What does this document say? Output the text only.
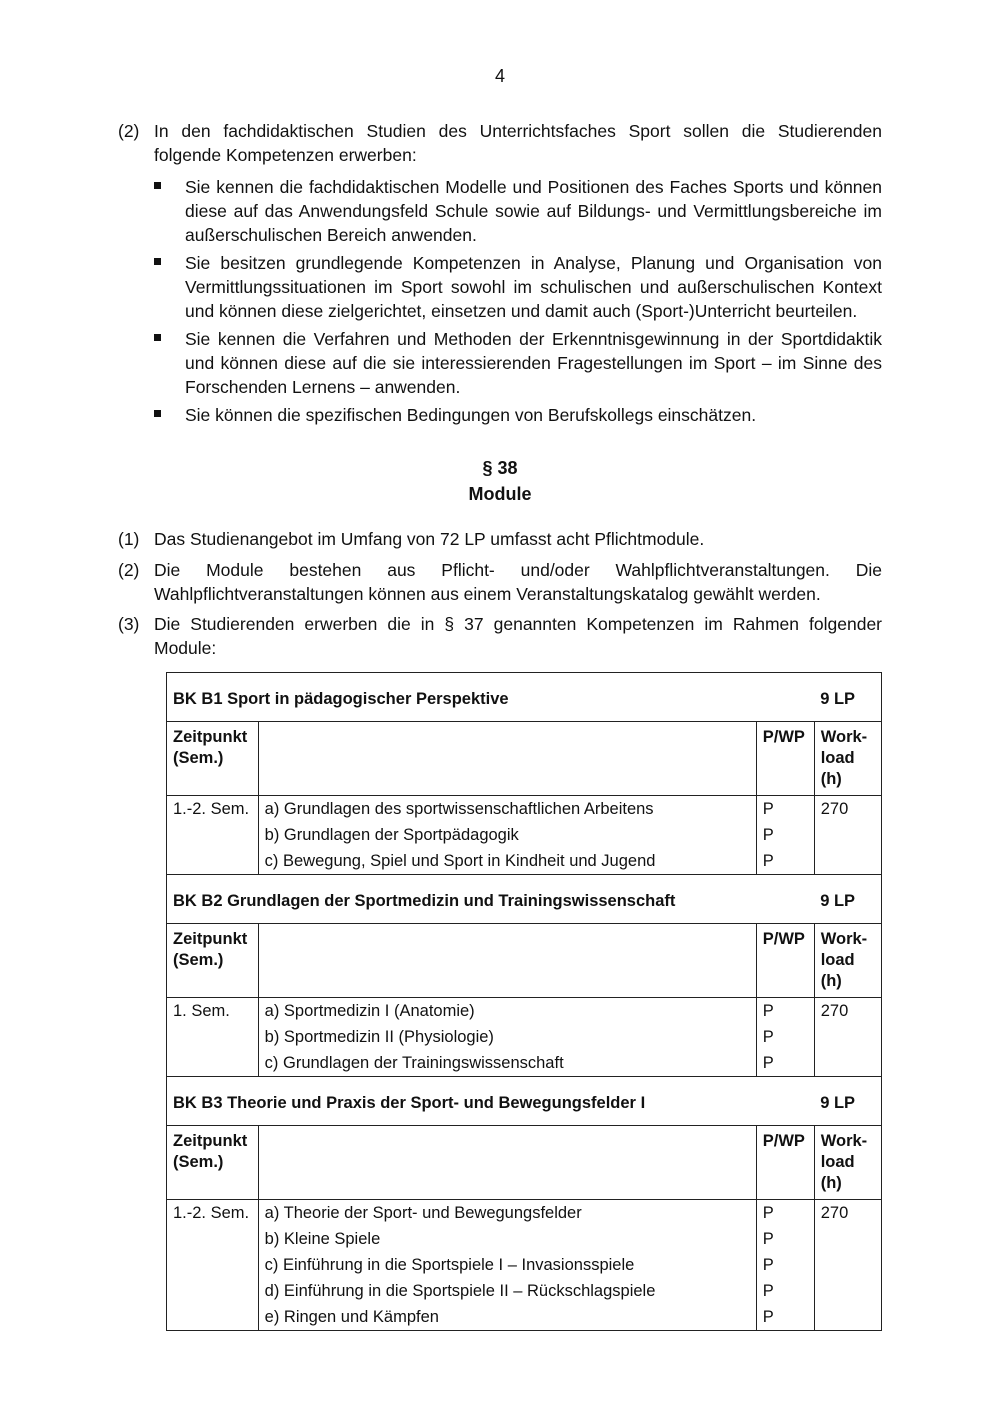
4
(2) In den fachdidaktischen Studien des Unterrichtsfaches Sport sollen die Studierenden folgende Kompetenzen erwerben:
Sie kennen die fachdidaktischen Modelle und Positionen des Faches Sports und können diese auf das Anwendungsfeld Schule sowie auf Bildungs- und Vermittlungsbereiche im außerschulischen Bereich anwenden.
Sie besitzen grundlegende Kompetenzen in Analyse, Planung und Organisation von Vermittlungssituationen im Sport sowohl im schulischen und außerschulischen Kontext und können diese zielgerichtet, einsetzen und damit auch (Sport-)Unterricht beurteilen.
Sie kennen die Verfahren und Methoden der Erkenntnisgewinnung in der Sportdidaktik und können diese auf die sie interessierenden Fragestellungen im Sport – im Sinne des Forschenden Lernens – anwenden.
Sie können die spezifischen Bedingungen von Berufskollegs einschätzen.
§ 38
Module
(1) Das Studienangebot im Umfang von 72 LP umfasst acht Pflichtmodule.
(2) Die Module bestehen aus Pflicht- und/oder Wahlpflichtveranstaltungen. Die Wahlpflichtveranstaltungen können aus einem Veranstaltungskatalog gewählt werden.
(3) Die Studierenden erwerben die in § 37 genannten Kompetenzen im Rahmen folgender Module:
BK B1 Sport in pädagogischer Perspektive			9 LP
Zeitpunkt (Sem.)		P/WP	Work-load (h)
1.-2. Sem.	a) Grundlagen des sportwissenschaftlichen Arbeitens	P	270
	b) Grundlagen der Sportpädagogik	P	
	c) Bewegung, Spiel und Sport in Kindheit und Jugend	P	
BK B2 Grundlagen der Sportmedizin und Trainingswissenschaft			9 LP
Zeitpunkt (Sem.)		P/WP	Work-load (h)
1. Sem.	a) Sportmedizin I (Anatomie)	P	270
	b) Sportmedizin II (Physiologie)	P	
	c) Grundlagen der Trainingswissenschaft	P	
BK B3 Theorie und Praxis der Sport- und Bewegungsfelder I			9 LP
Zeitpunkt (Sem.)		P/WP	Work-load (h)
1.-2. Sem.	a) Theorie der Sport- und Bewegungsfelder	P	270
	b) Kleine Spiele	P	
	c) Einführung in die Sportspiele I – Invasionsspiele	P	
	d) Einführung in die Sportspiele II – Rückschlagspiele	P	
	e) Ringen und Kämpfen	P	
